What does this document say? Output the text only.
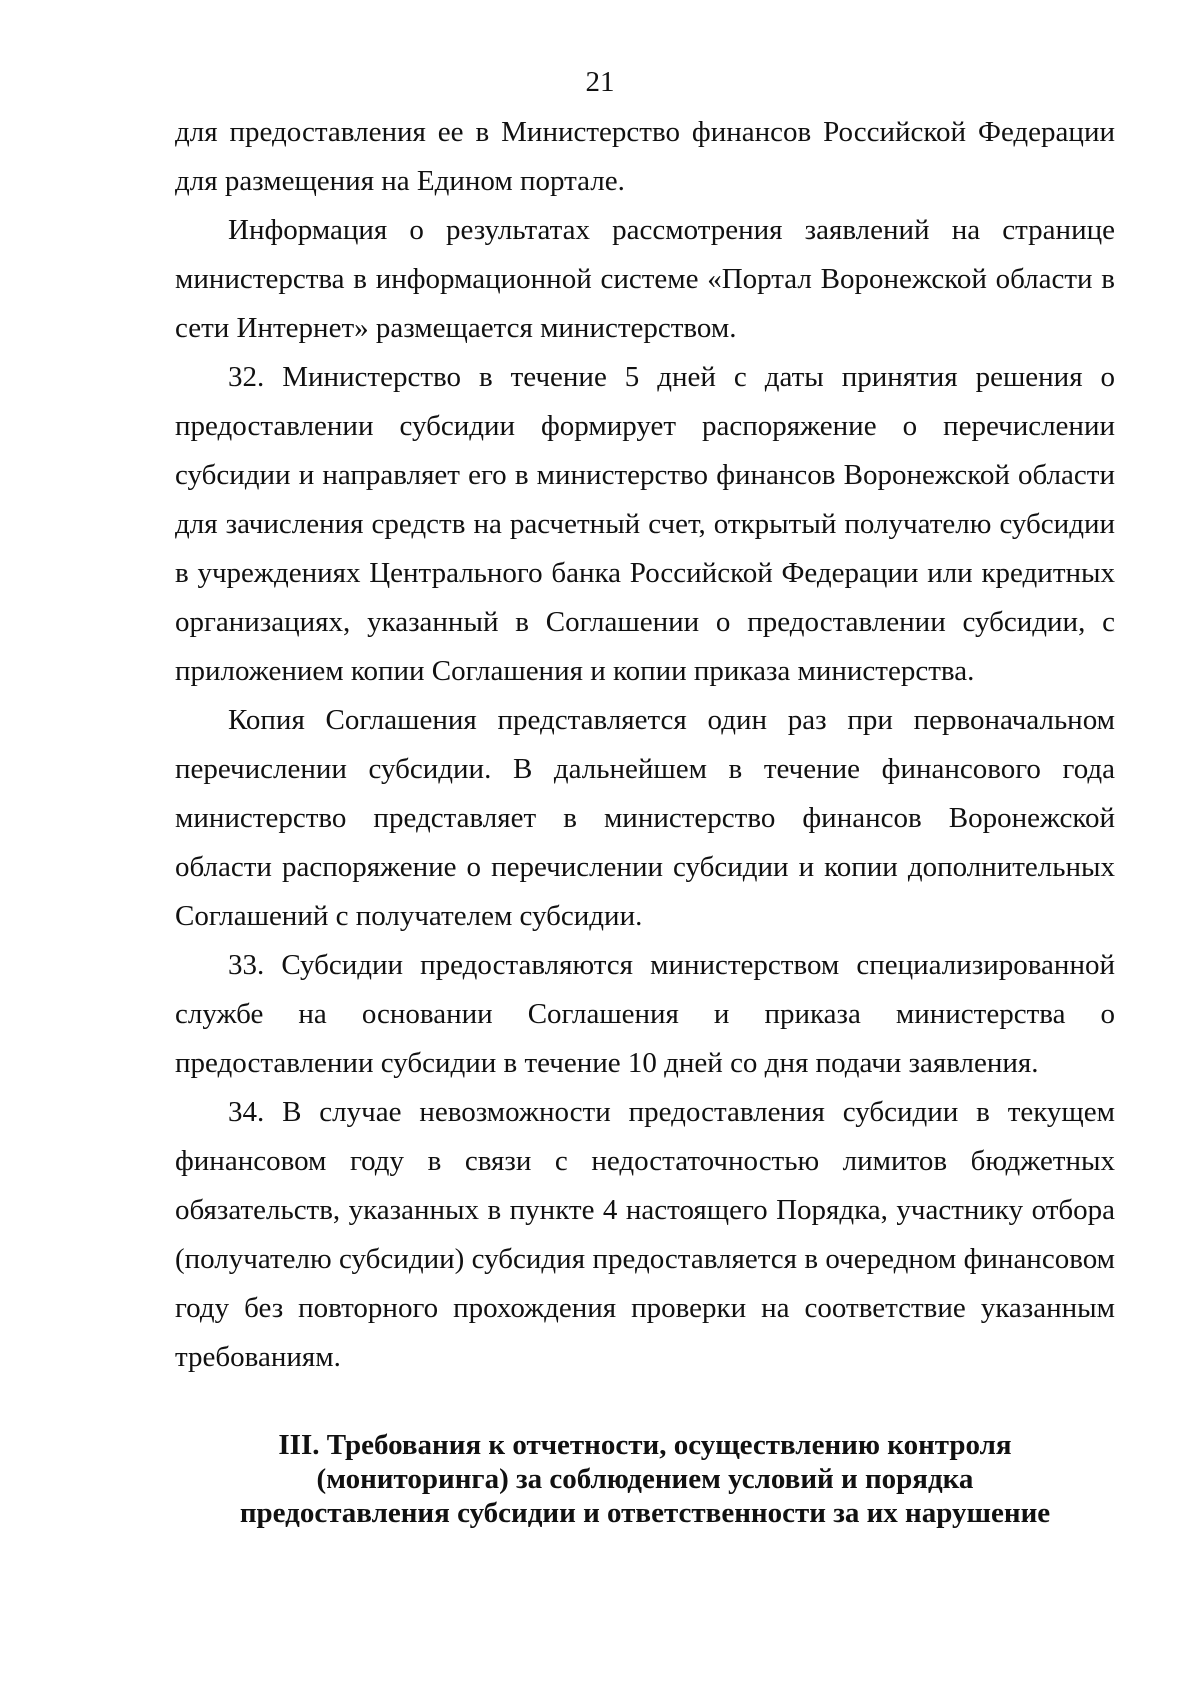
21

для предоставления ее в Министерство финансов Российской Федерации для размещения на Едином портале.

Информация о результатах рассмотрения заявлений на странице министерства в информационной системе «Портал Воронежской области в сети Интернет» размещается министерством.

32. Министерство в течение 5 дней с даты принятия решения о предоставлении субсидии формирует распоряжение о перечислении субсидии и направляет его в министерство финансов Воронежской области для зачисления средств на расчетный счет, открытый получателю субсидии в учреждениях Центрального банка Российской Федерации или кредитных организациях, указанный в Соглашении о предоставлении субсидии, с приложением копии Соглашения и копии приказа министерства.

Копия Соглашения представляется один раз при первоначальном перечислении субсидии. В дальнейшем в течение финансового года министерство представляет в министерство финансов Воронежской области распоряжение о перечислении субсидии и копии дополнительных Соглашений с получателем субсидии.

33. Субсидии предоставляются министерством специализированной службе на основании Соглашения и приказа министерства о предоставлении субсидии в течение 10 дней со дня подачи заявления.

34. В случае невозможности предоставления субсидии в текущем финансовом году в связи с недостаточностью лимитов бюджетных обязательств, указанных в пункте 4 настоящего Порядка, участнику отбора (получателю субсидии) субсидия предоставляется в очередном финансовом году без повторного прохождения проверки на соответствие указанным требованиям.

III. Требования к отчетности, осуществлению контроля
(мониторинга) за соблюдением условий и порядка
предоставления субсидии и ответственности за их нарушение
